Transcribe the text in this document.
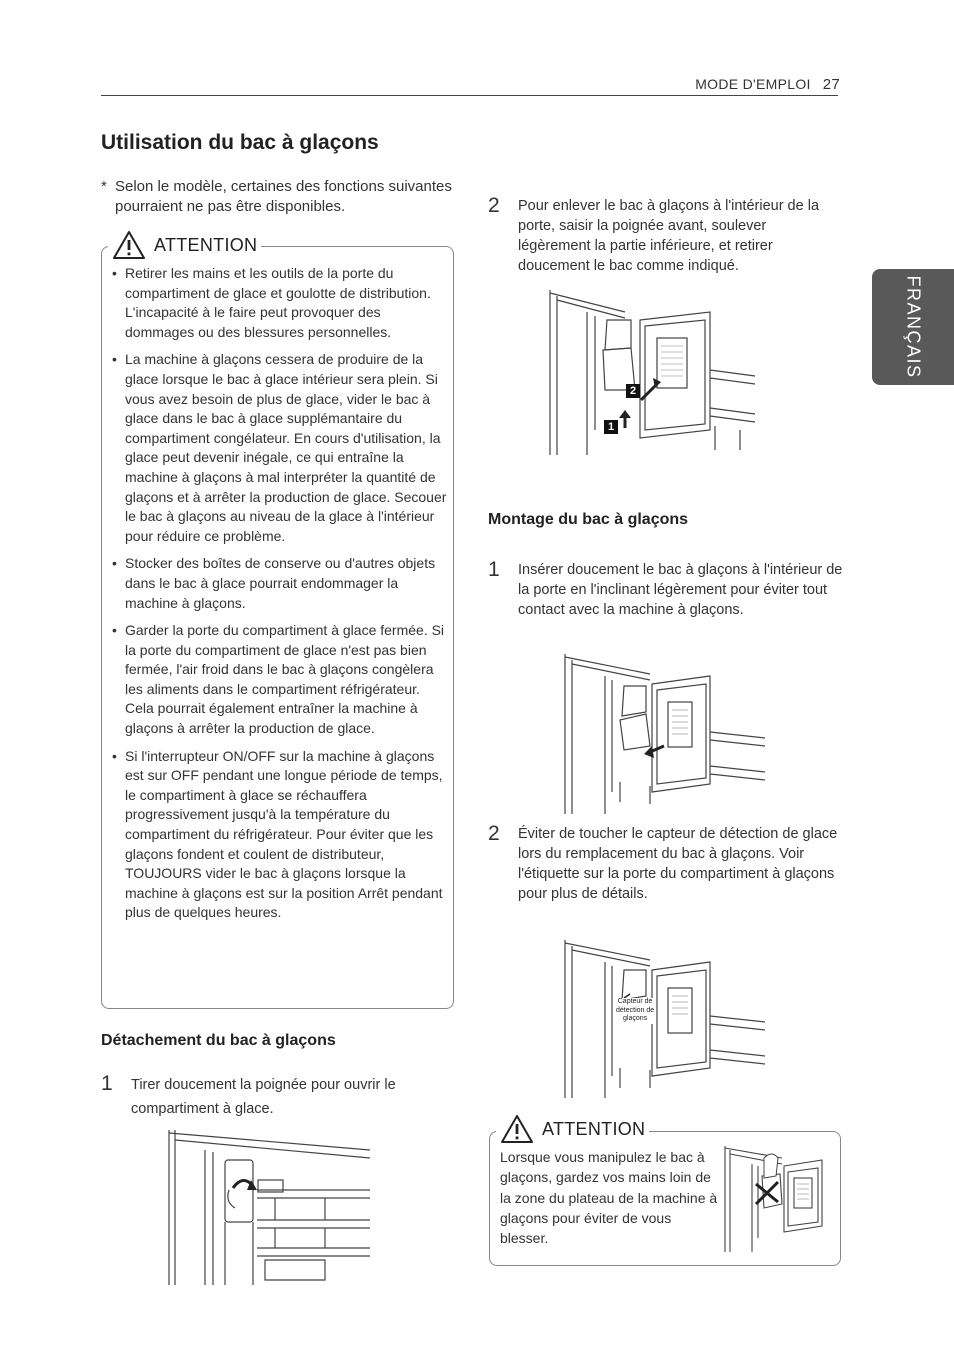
MODE D'EMPLOI 27
FRANÇAIS
Utilisation du bac à glaçons
* Selon le modèle, certaines des fonctions suivantes pourraient ne pas être disponibles.
ATTENTION
• Retirer les mains et les outils de la porte du compartiment de glace et goulotte de distribution. L'incapacité à le faire peut provoquer des dommages ou des blessures personnelles.
• La machine à glaçons cessera de produire de la glace lorsque le bac à glace intérieur sera plein. Si vous avez besoin de plus de glace, vider le bac à glace dans le bac à glace supplémantaire du compartiment congélateur. En cours d'utilisation, la glace peut devenir inégale, ce qui entraîne la machine à glaçons à mal interpréter la quantité de glaçons et à arrêter la production de glace. Secouer le bac à glaçons au niveau de la glace à l'intérieur pour réduire ce problème.
• Stocker des boîtes de conserve ou d'autres objets dans le bac à glace pourrait endommager la machine à glaçons.
• Garder la porte du compartiment à glace fermée. Si la porte du compartiment de glace n'est pas bien fermée, l'air froid dans le bac à glaçons congèlera les aliments dans le compartiment réfrigérateur. Cela pourrait également entraîner la machine à glaçons à arrêter la production de glace.
• Si l'interrupteur ON/OFF sur la machine à glaçons est sur OFF pendant une longue période de temps, le compartiment à glace se réchauffera progressivement jusqu'à la température du compartiment du réfrigérateur. Pour éviter que les glaçons fondent et coulent de distributeur, TOUJOURS vider le bac à glaçons lorsque la machine à glaçons est sur la position Arrêt pendant plus de quelques heures.
Détachement du bac à glaçons
1 Tirer doucement la poignée pour ouvrir le compartiment à glace.
2 Pour enlever le bac à glaçons à l'intérieur de la porte, saisir la poignée avant, soulever légèrement la partie inférieure, et retirer doucement le bac comme indiqué.
2
1
Montage du bac à glaçons
1 Insérer doucement le bac à glaçons à l'intérieur de la porte en l'inclinant légèrement pour éviter tout contact avec la machine à glaçons.
2 Éviter de toucher le capteur de détection de glace lors du remplacement du bac à glaçons. Voir l'étiquette sur la porte du compartiment à glaçons pour plus de détails.
Capteur de
détection de
glaçons
ATTENTION
Lorsque vous manipulez le bac à glaçons, gardez vos mains loin de la zone du plateau de la machine à glaçons pour éviter de vous blesser.
